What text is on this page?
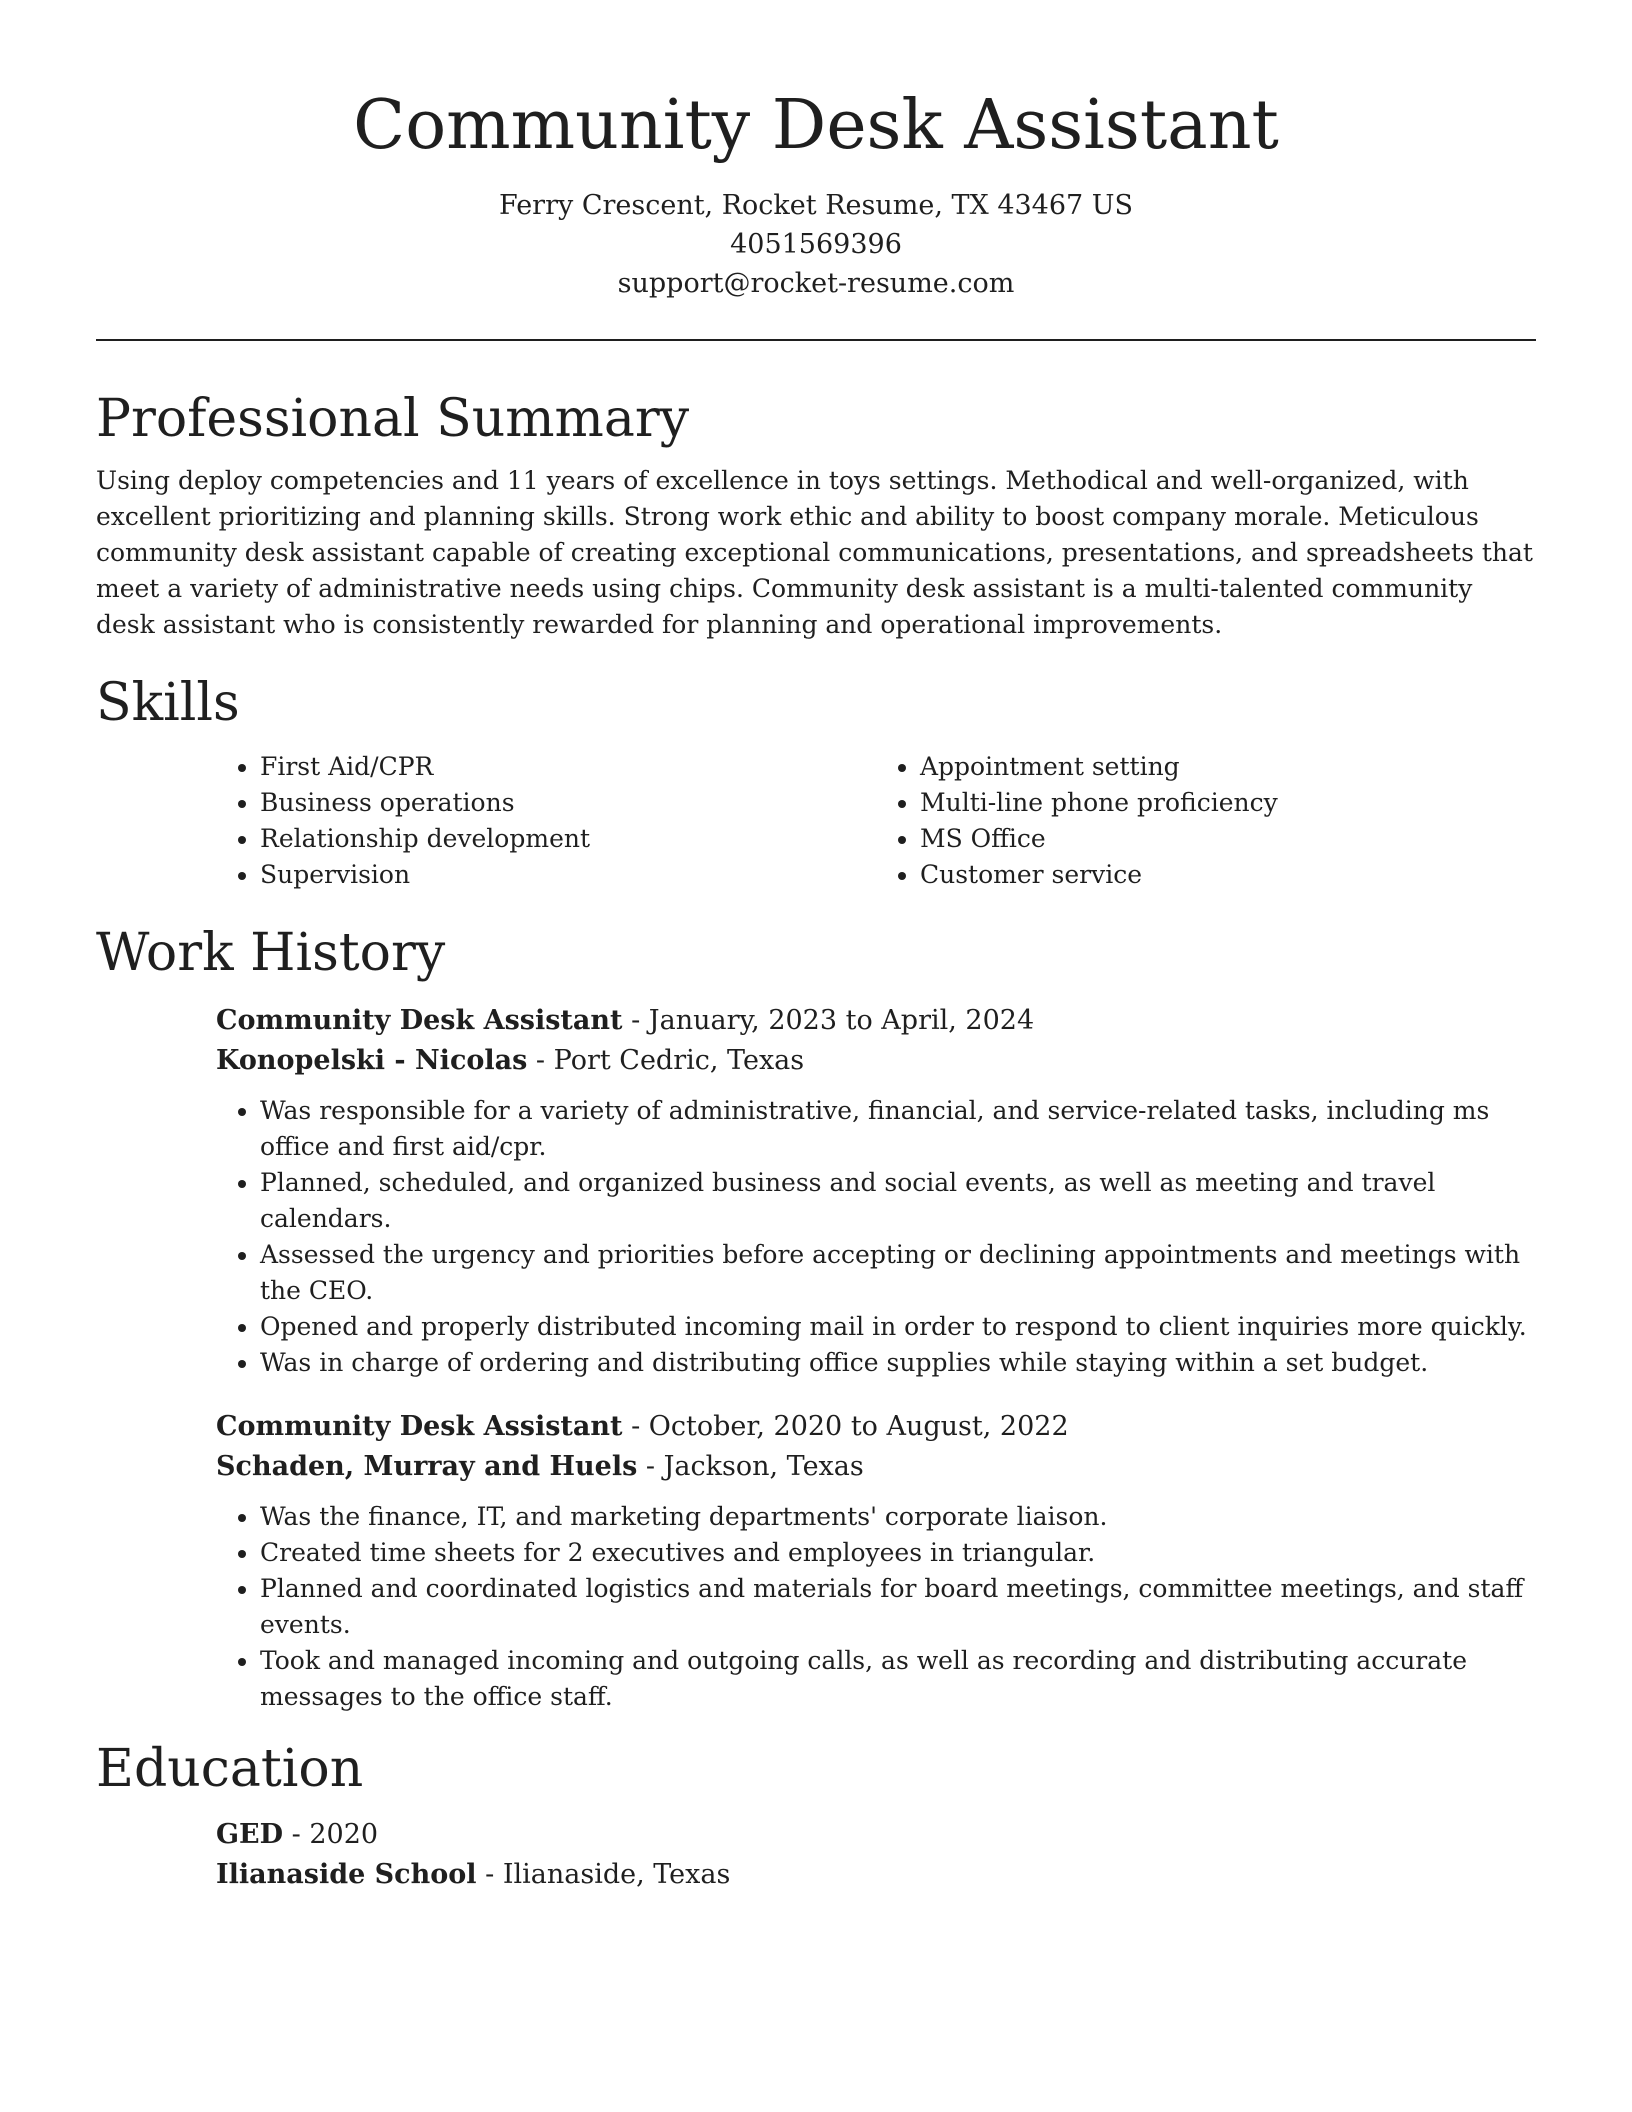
Community Desk Assistant

Ferry Crescent, Rocket Resume, TX 43467 US

4051569396

support@rocket-resume.com

Professional Summary

Using deploy competencies and 11 years of excellence in toys settings. Methodical and well-organized, with excellent prioritizing and planning skills. Strong work ethic and ability to boost company morale. Meticulous community desk assistant capable of creating exceptional communications, presentations, and spreadsheets that meet a variety of administrative needs using chips. Community desk assistant is a multi-talented community desk assistant who is consistently rewarded for planning and operational improvements.

Skills
• First Aid/CPR
• Business operations
• Relationship development
• Supervision
• Appointment setting
• Multi-line phone proficiency
• MS Office
• Customer service
Work History

Community Desk Assistant - January, 2023 to April, 2024

Konopelski - Nicolas - Port Cedric, Texas

• Was responsible for a variety of administrative, financial, and service-related tasks, including ms office and first aid/cpr.
• Planned, scheduled, and organized business and social events, as well as meeting and travel calendars.
• Assessed the urgency and priorities before accepting or declining appointments and meetings with the CEO.
• Opened and properly distributed incoming mail in order to respond to client inquiries more quickly.
• Was in charge of ordering and distributing office supplies while staying within a set budget.

Community Desk Assistant - October, 2020 to August, 2022

Schaden, Murray and Huels - Jackson, Texas

• Was the finance, IT, and marketing departments' corporate liaison.
• Created time sheets for 2 executives and employees in triangular.
• Planned and coordinated logistics and materials for board meetings, committee meetings, and staff events.
• Took and managed incoming and outgoing calls, as well as recording and distributing accurate messages to the office staff.
Education

GED - 2020

Ilianaside School - Ilianaside, Texas
